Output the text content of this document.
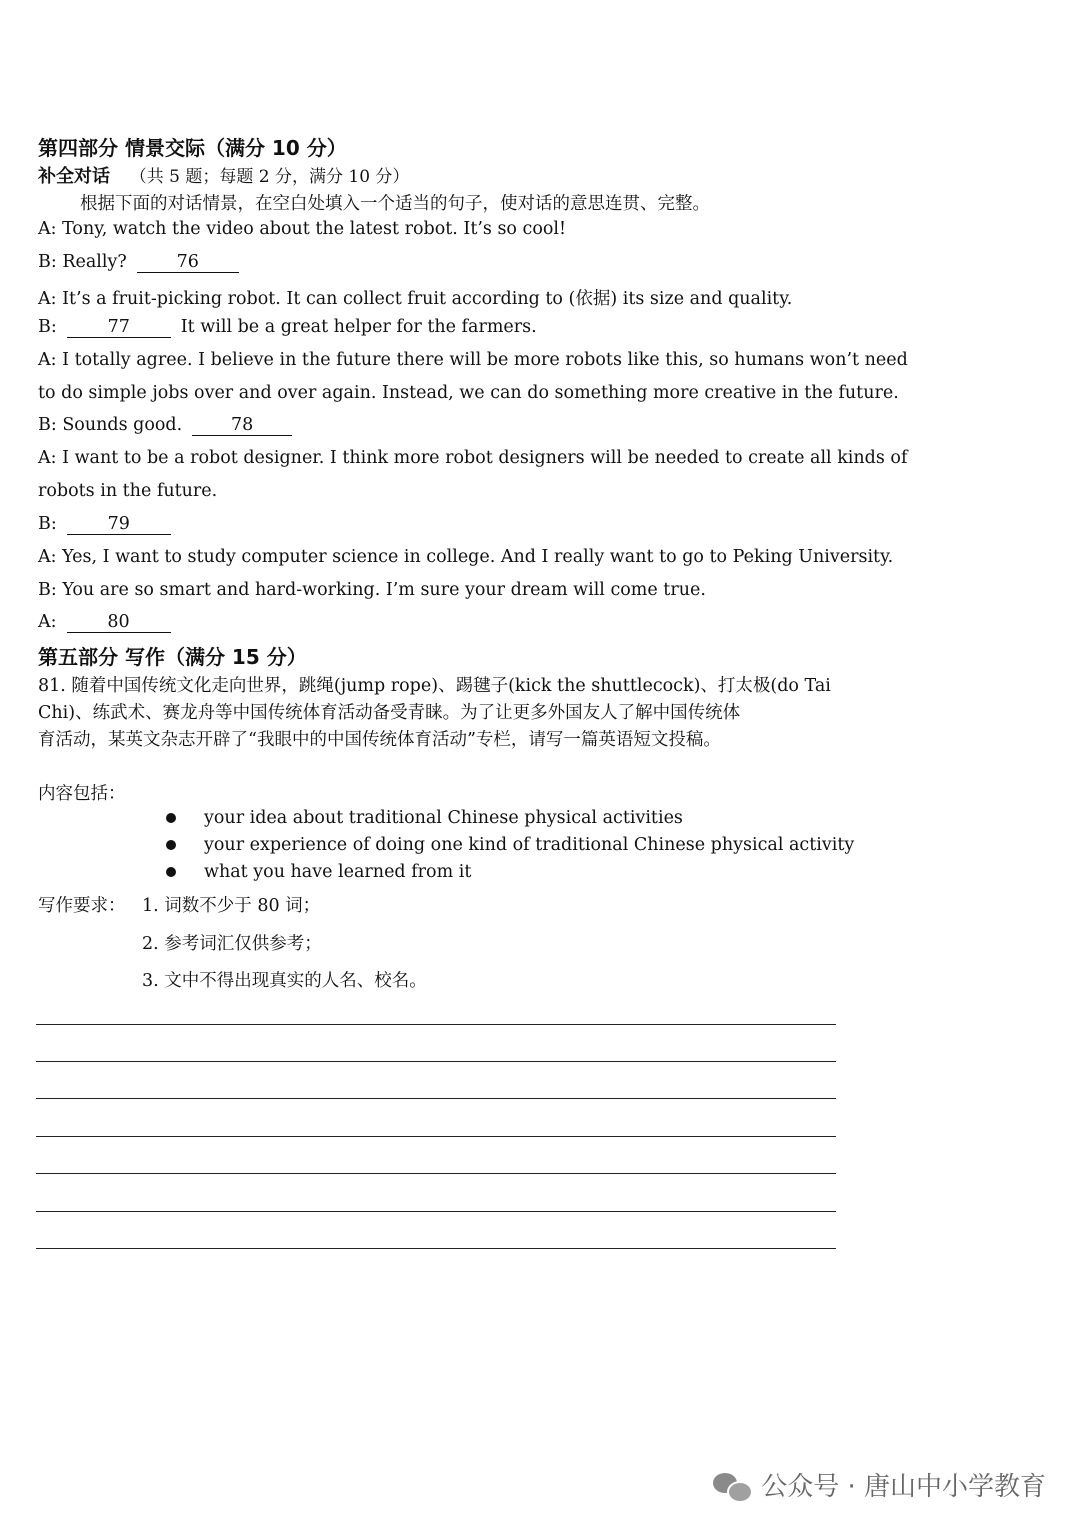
第四部分 情景交际（满分 10 分）
补全对话 （共 5 题；每题 2 分，满分 10 分）
根据下面的对话情景，在空白处填入一个适当的句子，使对话的意思连贯、完整。
A: Tony, watch the video about the latest robot. It’s so cool!
B: Really?	76
A: It’s a fruit-picking robot. It can collect fruit according to (依据) its size and quality.
B:	77	It will be a great helper for the farmers.
A: I totally agree. I believe in the future there will be more robots like this, so humans won’t need
to do simple jobs over and over again. Instead, we can do something more creative in the future.
B: Sounds good.	78
A: I want to be a robot designer. I think more robot designers will be needed to create all kinds of
robots in the future.
B:	79
A: Yes, I want to study computer science in college. And I really want to go to Peking University.
B: You are so smart and hard-working. I’m sure your dream will come true.
A:	80
第五部分 写作（满分 15 分）
81. 随着中国传统文化走向世界，跳绳(jump rope)、踢毽子(kick the shuttlecock)、打太极(do Tai
Chi)、练武术、赛龙舟等中国传统体育活动备受青睐。为了让更多外国友人了解中国传统体
育活动，某英文杂志开辟了“我眼中的中国传统体育活动”专栏，请写一篇英语短文投稿。
内容包括：
your idea about traditional Chinese physical activities
your experience of doing one kind of traditional Chinese physical activity
what you have learned from it
写作要求： 1. 词数不少于 80 词；
2. 参考词汇仅供参考；
3. 文中不得出现真实的人名、校名。
公众号 · 唐山中小学教育
